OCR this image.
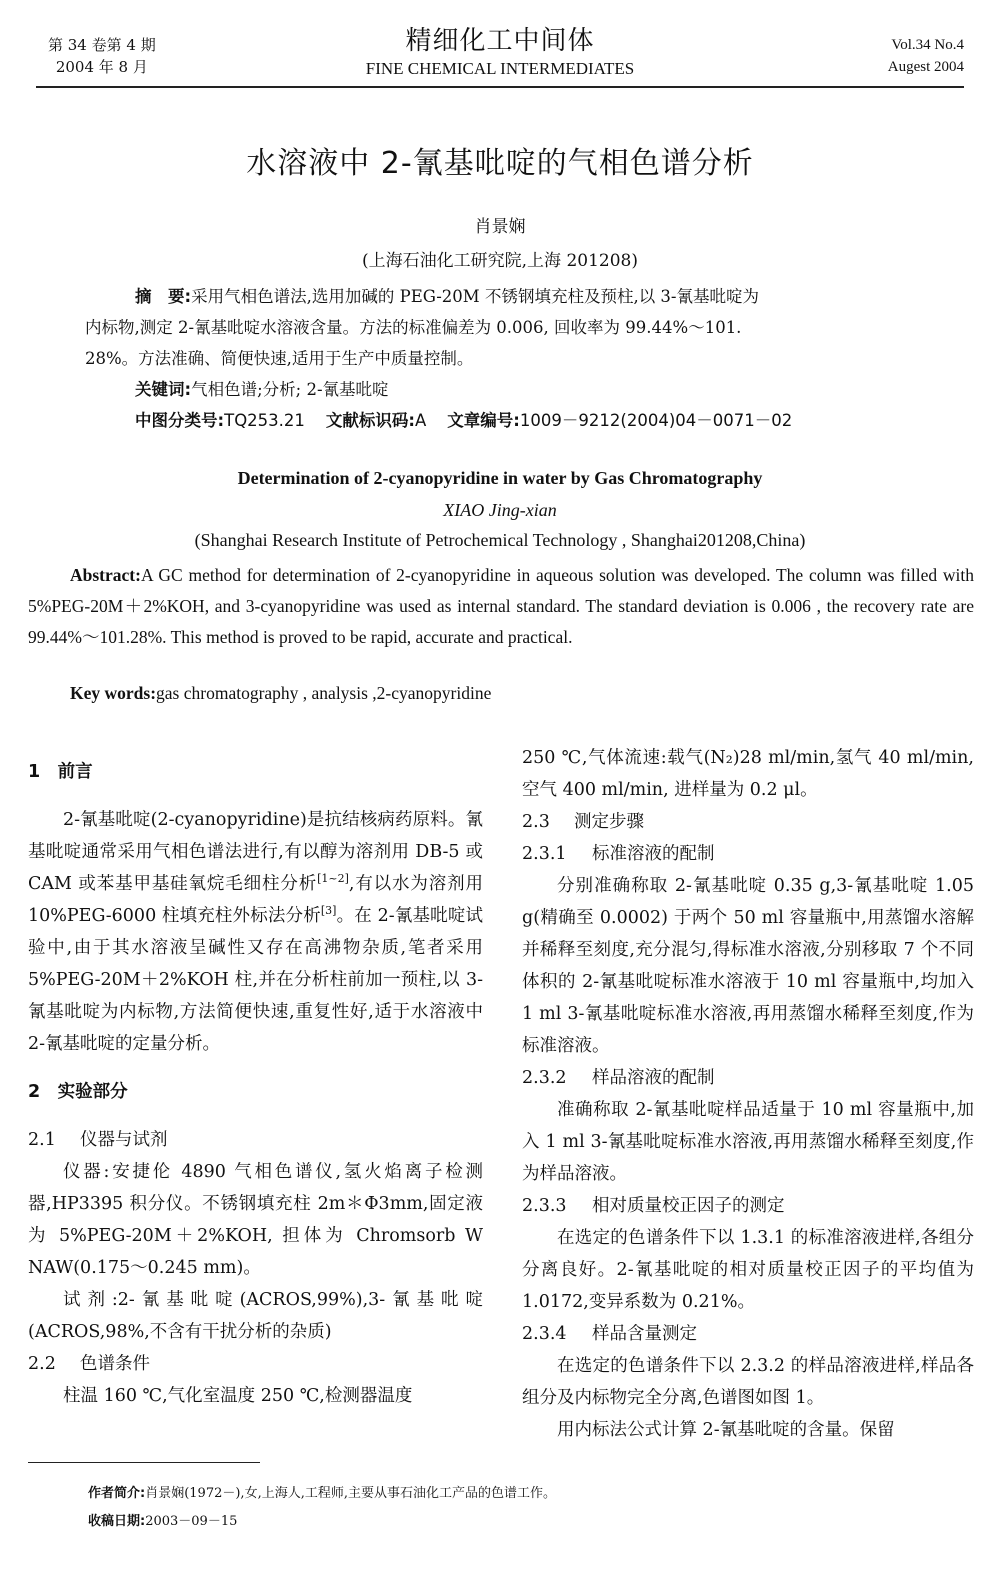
第 34 卷第 4 期
2004 年 8 月
精细化工中间体
FINE CHEMICAL INTERMEDIATES
Vol.34 No.4
Augest 2004
水溶液中 2-氰基吡啶的气相色谱分析
肖景娴
(上海石油化工研究院,上海 201208)
摘　要:采用气相色谱法,选用加碱的 PEG-20M 不锈钢填充柱及预柱,以 3-氰基吡啶为
内标物,测定 2-氰基吡啶水溶液含量。方法的标准偏差为 0.006, 回收率为 99.44%～101.
28%。方法准确、简便快速,适用于生产中质量控制。
关键词:气相色谱;分析; 2-氰基吡啶
中图分类号:TQ253.21 文献标识码:A 文章编号:1009－9212(2004)04－0071－02
Determination of 2-cyanopyridine in water by Gas Chromatography
XIAO Jing-xian
(Shanghai Research Institute of Petrochemical Technology , Shanghai201208,China)
Abstract:A GC method for determination of 2-cyanopyridine in aqueous solution was developed. The column was filled with 5%PEG-20M＋2%KOH, and 3-cyanopyridine was used as internal standard. The standard deviation is 0.006 , the recovery rate are 99.44%～101.28%. This method is proved to be rapid, accurate and practical.
Key words:gas chromatography , analysis ,2-cyanopyridine
1　前言

2-氰基吡啶(2-cyanopyridine)是抗结核病药原料。氰基吡啶通常采用气相色谱法进行,有以醇为溶剂用 DB-5 或 CAM 或苯基甲基硅氧烷毛细柱分析[1~2],有以水为溶剂用 10%PEG-6000 柱填充柱外标法分析[3]。在 2-氰基吡啶试验中,由于其水溶液呈碱性又存在高沸物杂质,笔者采用 5%PEG-20M＋2%KOH 柱,并在分析柱前加一预柱,以 3-氰基吡啶为内标物,方法简便快速,重复性好,适于水溶液中 2-氰基吡啶的定量分析。

2　实验部分
2.1 仪器与试剂

仪器:安捷伦 4890 气相色谱仪,氢火焰离子检测器,HP3395 积分仪。不锈钢填充柱 2m＊Φ3mm,固定液为 5%PEG-20M＋2%KOH, 担体为 Chromsorb W NAW(0.175～0.245 mm)。

试剂:2-氰基吡啶(ACROS,99%),3-氰基吡啶(ACROS,98%,不含有干扰分析的杂质)

2.2 色谱条件

柱温 160 ℃,气化室温度 250 ℃,检测器温度

250 ℃,气体流速:载气(N₂)28 ml/min,氢气 40 ml/min, 空气 400 ml/min, 进样量为 0.2 μl。

2.3 测定步骤
2.3.1 标准溶液的配制

分别准确称取 2-氰基吡啶 0.35 g,3-氰基吡啶 1.05 g(精确至 0.0002) 于两个 50 ml 容量瓶中,用蒸馏水溶解并稀释至刻度,充分混匀,得标准水溶液,分别移取 7 个不同体积的 2-氰基吡啶标准水溶液于 10 ml 容量瓶中,均加入 1 ml 3-氰基吡啶标准水溶液,再用蒸馏水稀释至刻度,作为标准溶液。

2.3.2 样品溶液的配制

准确称取 2-氰基吡啶样品适量于 10 ml 容量瓶中,加入 1 ml 3-氰基吡啶标准水溶液,再用蒸馏水稀释至刻度,作为样品溶液。

2.3.3 相对质量校正因子的测定

在选定的色谱条件下以 1.3.1 的标准溶液进样,各组分分离良好。2-氰基吡啶的相对质量校正因子的平均值为 1.0172,变异系数为 0.21%。

2.3.4 样品含量测定

在选定的色谱条件下以 2.3.2 的样品溶液进样,样品各组分及内标物完全分离,色谱图如图 1。

用内标法公式计算 2-氰基吡啶的含量。保留

作者简介:肖景娴(1972－),女,上海人,工程师,主要从事石油化工产品的色谱工作。
收稿日期:2003－09－15
